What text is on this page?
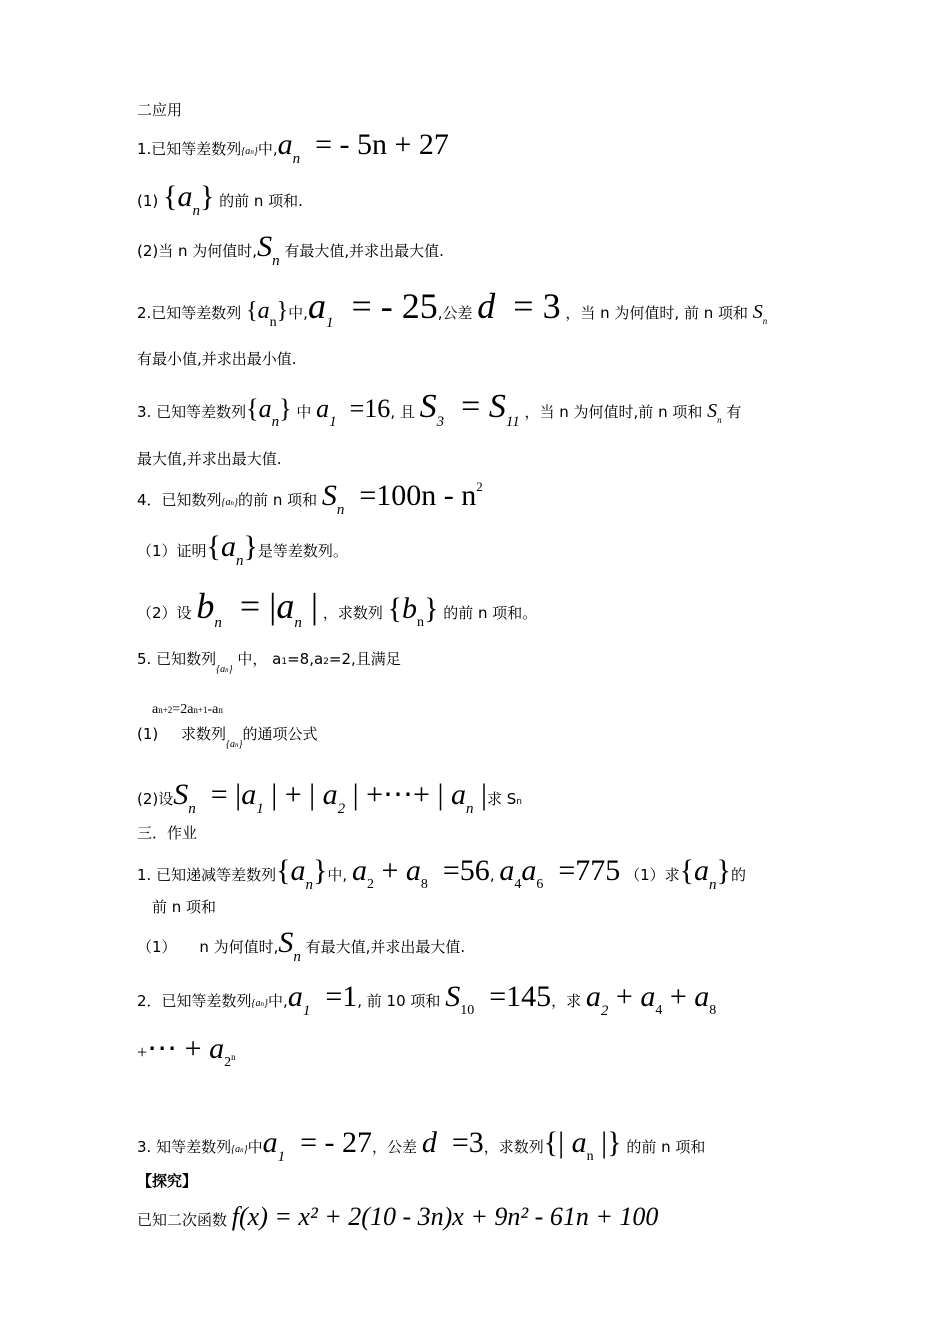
二应用
1.已知等差数列{an}中$,a_n$ = - 5n + 27
(1) $\{a_n\}$ 的前 n 项和.
(2)当 n 为何值时$,S_n$ 有最大值,并求出最大值.
2.已知等差数列 $\{a_n\}$中$,a_1$ = - 25,公差 d  = 3 ，当 n 为何值时, 前 n 项和 $S_n$
有最小值,并求出最小值.
3. 已知等差数列$\{a_n\}$ 中 $a_1 =16$, 且 $S_3 = S_{11}$ ，当 n 为何值时,前 n 项和 $S_n$ 有
最大值,并求出最大值.
4．已知数列{an}的前 n 项和 $S_n =100n - n^2$
（1）证明$\{a_n\}$是等差数列。
（2）设 $b_n = |a_n$ | ，求数列 $\{b_n\}$ 的前 n 项和。
5. 已知数列$_{\{an\}}$ 中， a1=8,a2=2,且满足
an+2=2an+1-an
(1) 求数列$_{\{an\}}$的通项公式
(2)设$S_n = |a_1$ | + | $a_2$ | +⋯+ | $a_n$ |求 Sn
三．作业
1. 已知递减等差数列$\{a_n\}$中, $a_2 + a_8 =56$, $a_4a_6 =775$ （1）求$\{a_n\}$的
前 n 项和
（1） n 为何值时$,S_n$ 有最大值,并求出最大值.
2．已知等差数列{an}中$,a_1 =1$, 前 10 项和 $S_{10} =145$，求 $a_2 + a_4 + a_8$
+⋯ + $a_{2^n}$
3. 知等差数列{an}中$a_1$ = - 27，公差 d  =3，求数列{| $a_n$ |} 的前 n 项和
【探究】
已知二次函数 f(x) = x² + 2(10 - 3n)x + 9n² - 61n + 100
